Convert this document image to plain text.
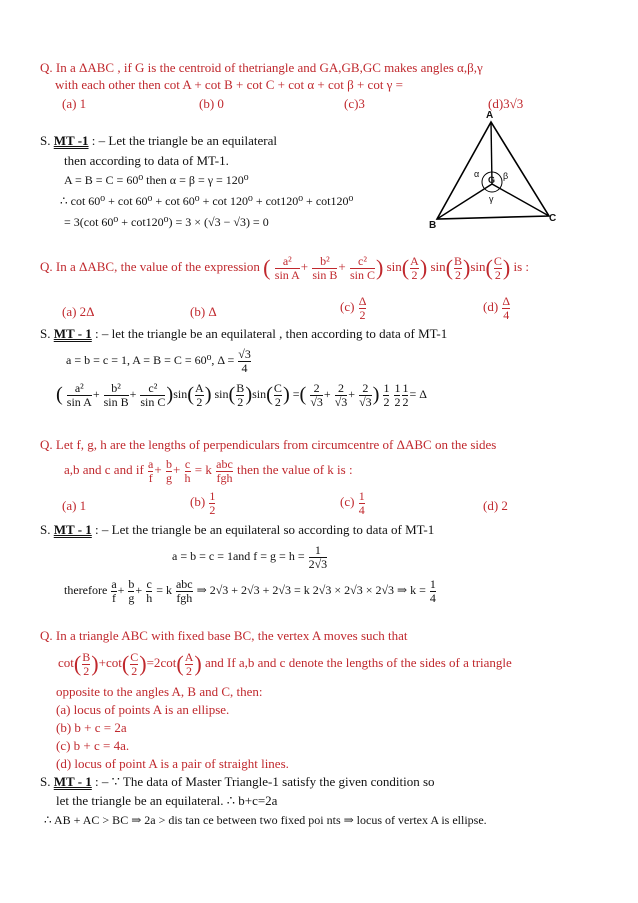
Q. In a ΔABC , if G is the centroid of thetriangle and GA,GB,GC makes angles α,β,γ
with each other then cot A + cot B + cot C + cot α + cot β + cot γ =
(a) 1	(b) 0	(c)3	(d)3√3
A
B
C
G
α	β
γ
S. MT -1 : – Let the triangle be an equilateral
then according to data of MT-1.
A = B = C = 60⁰ then α = β = γ = 120⁰
∴ cot 60⁰ + cot 60⁰ + cot 60⁰ + cot 120⁰ + cot120⁰ + cot120⁰
= 3(cot 60⁰ + cot120⁰) = 3 × (√3 − √3) = 0
Q. In a ΔABC, the value of the expression ( $\frac{\text{a²}}{\text{sin A}} + \frac{\text{b²}}{\text{sin B}} + \frac{\text{c²}}{\text{sin C}}$ ) $\sin( \frac{A}{2}$ ) $\sin( \frac{B}{2} )\sin( \frac{C}{2}$ ) is :
(a) 2Δ	(b) Δ	$(c) \frac{\Delta}{2}$	$(d) \frac{\Delta}{4}$
S. MT - 1 : – let the triangle be an equilateral , then according to data of MT-1
a = b = c = 1, A = B = C = 60⁰, $\Delta = \frac{√3}{4}$
( $\frac{\text{a²}}{\text{sin A}} + \frac{\text{b²}}{\text{sin B}} + \frac{\text{c²}}{\text{sin C}} )\sin( \frac{A}{2}$ ) $\sin( \frac{B}{2} )\sin( \frac{C}{2}$ ) =( $\frac{2}{√3} + \frac{2}{√3} + \frac{2}{√3}$ ) $\frac{1}{2}$
$\frac{1}{2} \frac{1}{2} = \Delta$
Q. Let f, g, h are the lengths of perpendiculars from circumcentre of ΔABC on the sides
a,b and c and if $\frac{a}{f} + \frac{b}{g} + \frac{c}{h} = k \frac{\text{abc}}{\text{fgh}}$ then the value of k is :
(a) 1	$(b) \frac{1}{2}$	$(c) \frac{1}{4}$	(d) 2
S. MT - 1 : – Let the triangle be an equilateral so according to data of MT-1
a = b = c = 1and $f = g = h = \frac{1}{2√3}$
therefore $\frac{a}{f} + \frac{b}{g} + \frac{c}{h} = k \frac{\text{abc}}{\text{fgh}}$ ⇒ 2√3 + 2√3 + 2√3 = k 2√3 × 2√3 × 2√3 ⇒ $k = \frac{1}{4}$
Q. In a triangle ABC with fixed base BC, the vertex A moves such that
$\cot( \frac{B}{2} )+\cot( \frac{C}{2} )=2\cot( \frac{A}{2}$ ) and If a,b and c denote the lengths of the sides of a triangle
opposite to the angles A, B and C, then:
(a) locus of points A is an ellipse.
(b) b + c = 2a
(c) b + c = 4a.
(d) locus of point A is a pair of straight lines.
S. MT - 1 : – ∵ The data of Master Triangle-1 satisfy the given condition so
let the triangle be an equilateral. ∴ b+c=2a
∴ AB + AC > BC ⇒ 2a > dis tan ce between two fixed poi nts ⇒ locus of vertex A is ellipse.
